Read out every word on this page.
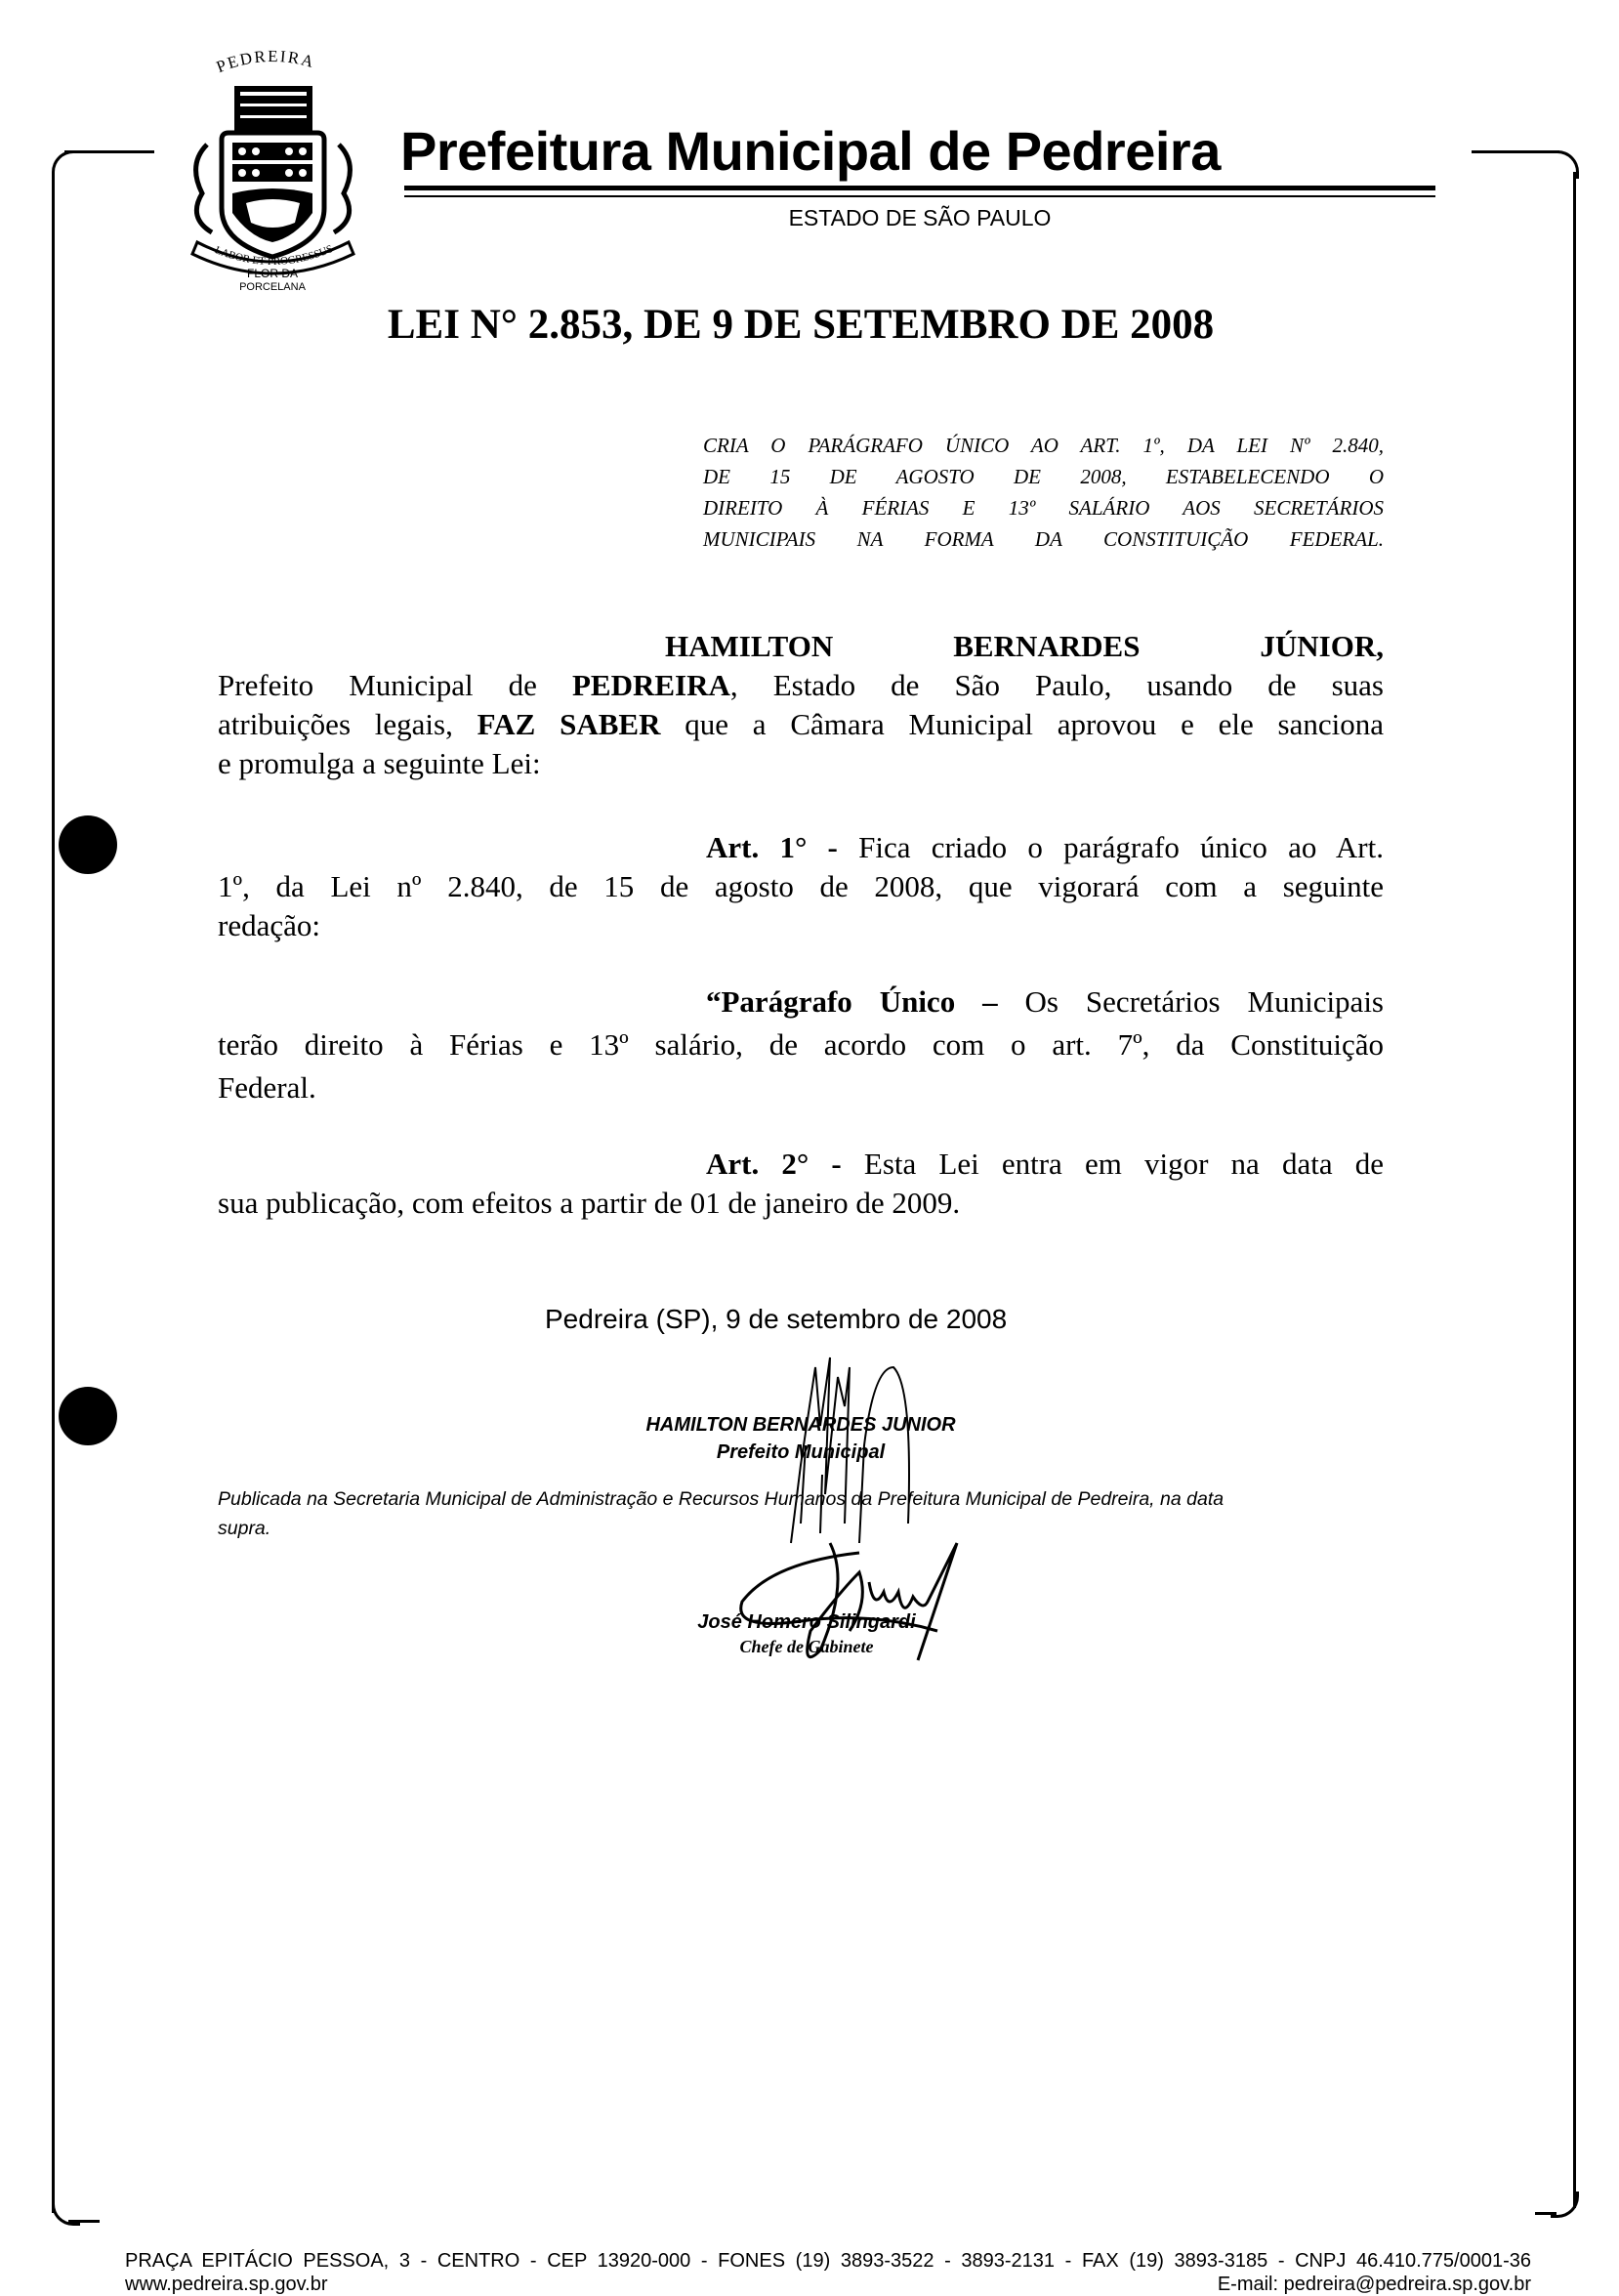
PEDREIRA
LABOR ET PROGRESSUS
FLOR DA
PORCELANA
Prefeitura Municipal de Pedreira
ESTADO DE SÃO PAULO
LEI N° 2.853, DE 9 DE SETEMBRO DE 2008
CRIA O PARÁGRAFO ÚNICO AO ART. 1º, DA LEI Nº 2.840,
DE 15 DE AGOSTO DE 2008, ESTABELECENDO O
DIREITO À FÉRIAS E 13º SALÁRIO AOS SECRETÁRIOS
MUNICIPAIS NA FORMA DA CONSTITUIÇÃO FEDERAL.
HAMILTON BERNARDES JÚNIOR,
Prefeito Municipal de PEDREIRA, Estado de São Paulo, usando de suas
atribuições legais, FAZ SABER que a Câmara Municipal aprovou e ele sanciona
e promulga a seguinte Lei:
Art. 1° - Fica criado o parágrafo único ao Art.
1º, da Lei nº 2.840, de 15 de agosto de 2008, que vigorará com a seguinte
redação:
“Parágrafo Único – Os Secretários Municipais
terão direito à Férias e 13º salário, de acordo com o art. 7º, da Constituição
Federal.
Art. 2° - Esta Lei entra em vigor na data de
sua publicação, com efeitos a partir de 01 de janeiro de 2009.
Pedreira (SP), 9 de setembro de 2008
HAMILTON BERNARDES JUNIOR
Prefeito Municipal
Publicada na Secretaria Municipal de Administração e Recursos Humanos da Prefeitura Municipal de Pedreira, na data
supra.
José Homero Silingardi
Chefe de Gabinete
PRAÇA EPITÁCIO PESSOA, 3 - CENTRO - CEP 13920-000 - FONES (19) 3893-3522 - 3893-2131 - FAX (19) 3893-3185 - CNPJ 46.410.775/0001-36
www.pedreira.sp.gov.br	E-mail: pedreira@pedreira.sp.gov.br
